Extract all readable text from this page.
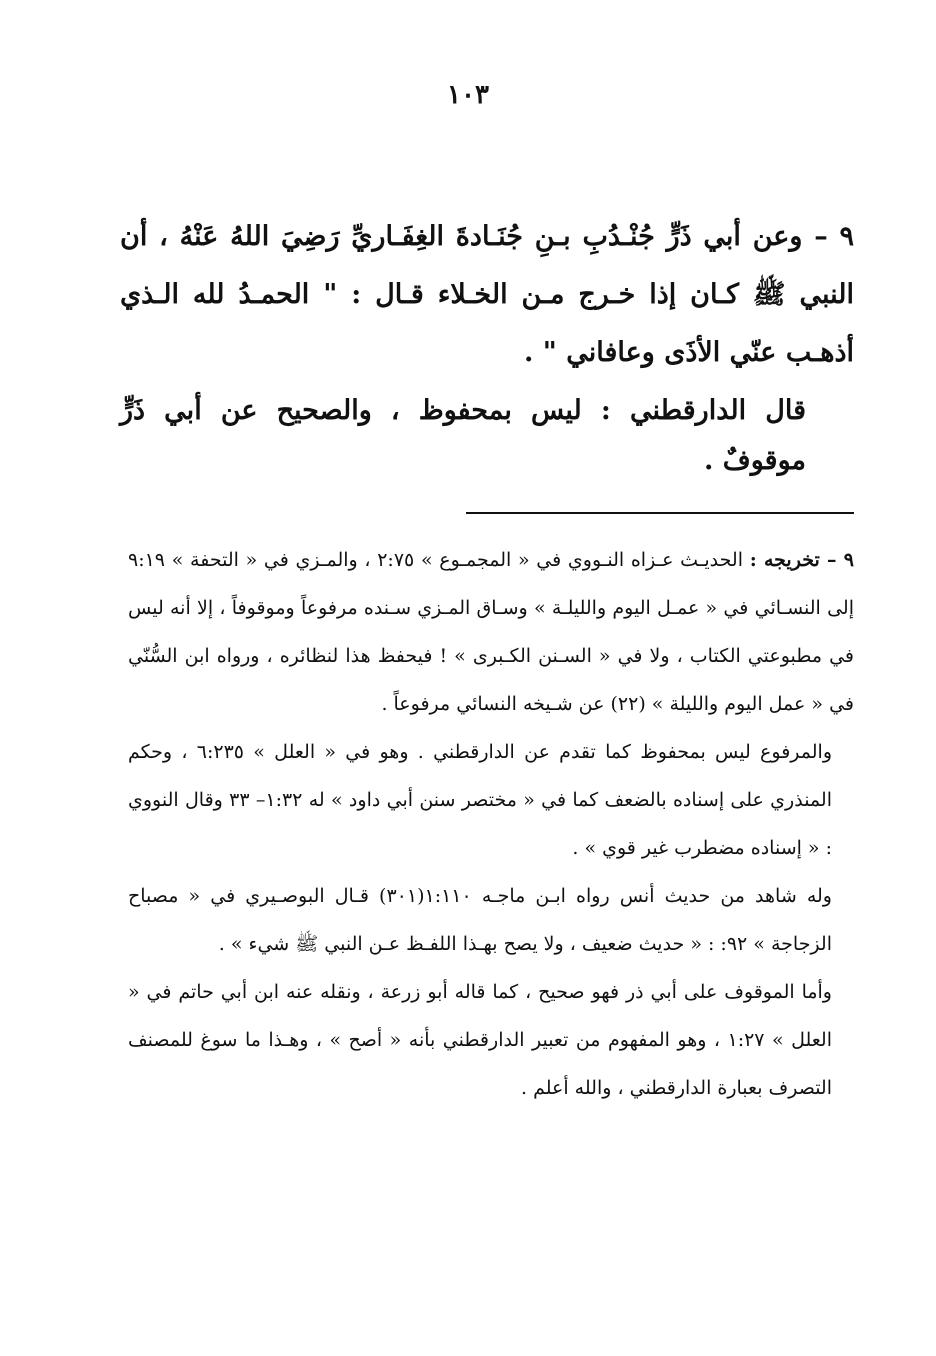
١٠٣

٩ – وعن أبي ذَرٍّ جُنْـدُبِ بـنِ جُنَـادةَ الغِفَـاريِّ رَضِيَ اللهُ عَنْهُ ، أن النبي ﷺ كـان إذا خـرج مـن الخـلاء قـال : " الحمـدُ لله الـذي أذهـب عنّي الأذَى وعافاني " .

قال الدارقطني : ليس بمحفوظ ، والصحيح عن أبي ذَرٍّ موقوفٌ .

٩ – تخريجه : الحديـث عـزاه النـووي في « المجمـوع » ٢:٧٥ ، والمـزي في « التحفة » ٩:١٩ إلى النسـائي في « عمـل اليوم والليلـة » وسـاق المـزي سـنده مرفوعاً وموقوفاً ، إلا أنه ليس في مطبوعتي الكتاب ، ولا في « السـنن الكـبرى » ! فيحفظ هذا لنظائره ، ورواه ابن السُّنّي في « عمل اليوم والليلة » (٢٢) عن شـيخه النسائي مرفوعاً .

والمرفوع ليس بمحفوظ كما تقدم عن الدارقطني . وهو في « العلل » ٦:٢٣٥ ، وحكم المنذري على إسناده بالضعف كما في « مختصر سنن أبي داود » له ١:٣٢– ٣٣ وقال النووي : « إسناده مضطرب غير قوي » .

وله شاهد من حديث أنس رواه ابـن ماجـه ١:١١٠(٣٠١) قـال البوصـيري في « مصباح الزجاجة » ٩٢: : « حديث ضعيف ، ولا يصح بهـذا اللفـظ عـن النبي ﷺ شيء » .

وأما الموقوف على أبي ذر فهو صحيح ، كما قاله أبو زرعة ، ونقله عنه ابن أبي حاتم في « العلل » ١:٢٧ ، وهو المفهوم من تعبير الدارقطني بأنه « أصح » ، وهـذا ما سوغ للمصنف التصرف بعبارة الدارقطني ، والله أعلم .
